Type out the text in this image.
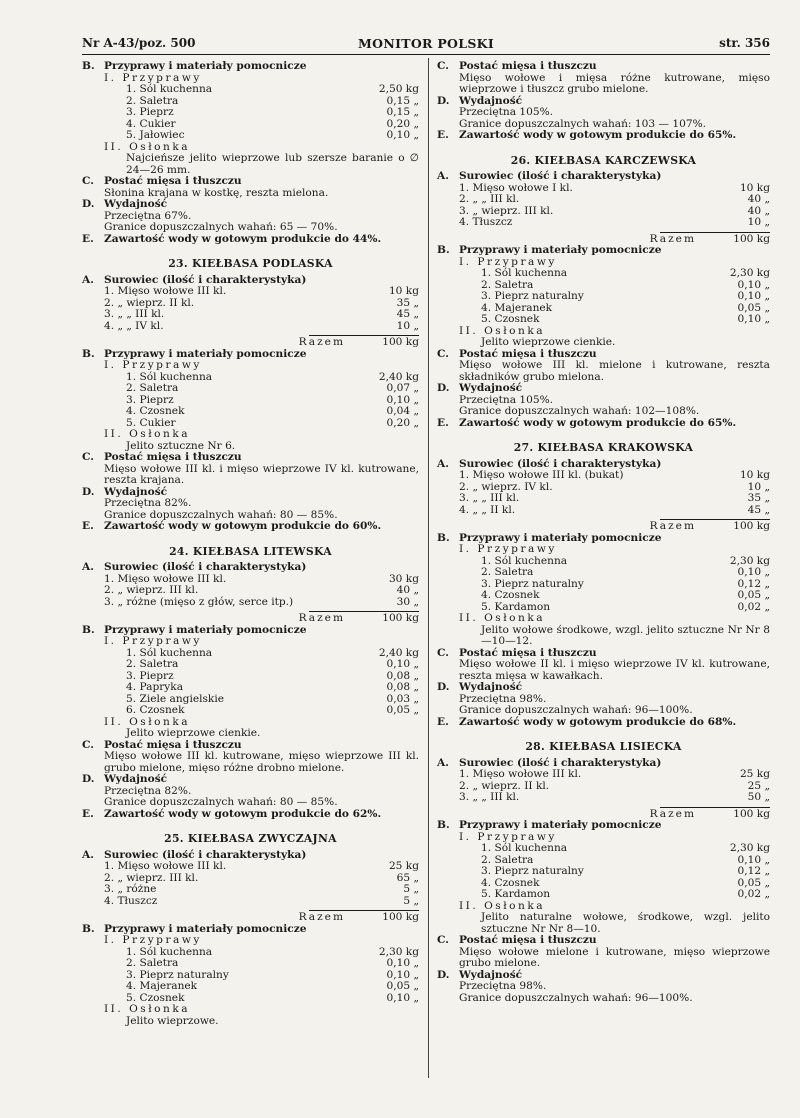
Nr A-43/poz. 500	MONITOR POLSKI	str. 356
B. Przyprawy i materiały pomocnicze
I. Przyprawy
1. Sól kuchenna	2,50 kg
2. Saletra	0,15 „
3. Pieprz	0,15 „
4. Cukier	0,20 „
5. Jałowiec	0,10 „
II. Osłonka
Najcieńsze jelito wieprzowe lub szersze baranie o ∅ 24—26 mm.
C. Postać mięsa i tłuszczu
Słonina krajana w kostkę, reszta mielona.
D. Wydajność
Przeciętna 67%.
Granice dopuszczalnych wahań: 65 — 70%.
E. Zawartość wody w gotowym produkcie do 44%.
23. KIEŁBASA PODLASKA
A. Surowiec (ilość i charakterystyka)
1. Mięso wołowe III kl.	10 kg
2. „ wieprz. II kl.	35 „
3. „ „ III kl.	45 „
4. „ „ IV kl.	10 „
Razem	100 kg
B. Przyprawy i materiały pomocnicze
I. Przyprawy
1. Sól kuchenna	2,40 kg
2. Saletra	0,07 „
3. Pieprz	0,10 „
4. Czosnek	0,04 „
5. Cukier	0,20 „
II. Osłonka
Jelito sztuczne Nr 6.
C. Postać mięsa i tłuszczu
Mięso wołowe III kl. i mięso wieprzowe IV kl. kutrowane, reszta krajana.
D. Wydajność
Przeciętna 82%.
Granice dopuszczalnych wahań: 80 — 85%.
E. Zawartość wody w gotowym produkcie do 60%.
24. KIEŁBASA LITEWSKA
A. Surowiec (ilość i charakterystyka)
1. Mięso wołowe III kl.	30 kg
2. „ wieprz. III kl.	40 „
3. „ różne (mięso z głów, serce itp.)	30 „
Razem	100 kg
B. Przyprawy i materiały pomocnicze
I. Przyprawy
1. Sól kuchenna	2,40 kg
2. Saletra	0,10 „
3. Pieprz	0,08 „
4. Papryka	0,08 „
5. Ziele angielskie	0,03 „
6. Czosnek	0,05 „
II. Osłonka
Jelito wieprzowe cienkie.
C. Postać mięsa i tłuszczu
Mięso wołowe III kl. kutrowane, mięso wieprzowe III kl. grubo mielone, mięso różne drobno mielone.
D. Wydajność
Przeciętna 82%.
Granice dopuszczalnych wahań: 80 — 85%.
E. Zawartość wody w gotowym produkcie do 62%.
25. KIEŁBASA ZWYCZAJNA
A. Surowiec (ilość i charakterystyka)
1. Mięso wołowe III kl.	25 kg
2. „ wieprz. III kl.	65 „
3. „ różne	5 „
4. Tłuszcz	5 „
Razem	100 kg
B. Przyprawy i materiały pomocnicze
I. Przyprawy
1. Sól kuchenna	2,30 kg
2. Saletra	0,10 „
3. Pieprz naturalny	0,10 „
4. Majeranek	0,05 „
5. Czosnek	0,10 „
II. Osłonka
Jelito wieprzowe.
C. Postać mięsa i tłuszczu
Mięso wołowe i mięsa różne kutrowane, mięso wieprzowe i tłuszcz grubo mielone.
D. Wydajność
Przeciętna 105%.
Granice dopuszczalnych wahań: 103 — 107%.
E. Zawartość wody w gotowym produkcie do 65%.
26. KIEŁBASA KARCZEWSKA
A. Surowiec (ilość i charakterystyka)
1. Mięso wołowe I kl.	10 kg
2. „ „ III kl.	40 „
3. „ wieprz. III kl.	40 „
4. Tłuszcz	10 „
Razem	100 kg
B. Przyprawy i materiały pomocnicze
I. Przyprawy
1. Sól kuchenna	2,30 kg
2. Saletra	0,10 „
3. Pieprz naturalny	0,10 „
4. Majeranek	0,05 „
5. Czosnek	0,10 „
II. Osłonka
Jelito wieprzowe cienkie.
C. Postać mięsa i tłuszczu
Mięso wołowe III kl. mielone i kutrowane, reszta składników grubo mielona.
D. Wydajność
Przeciętna 105%.
Granice dopuszczalnych wahań: 102—108%.
E. Zawartość wody w gotowym produkcie do 65%.
27. KIEŁBASA KRAKOWSKA
A. Surowiec (ilość i charakterystyka)
1. Mięso wołowe III kl. (bukat)	10 kg
2. „ wieprz. IV kl.	10 „
3. „ „ III kl.	35 „
4. „ „ II kl.	45 „
Razem	100 kg
B. Przyprawy i materiały pomocnicze
I. Przyprawy
1. Sól kuchenna	2,30 kg
2. Saletra	0,10 „
3. Pieprz naturalny	0,12 „
4. Czosnek	0,05 „
5. Kardamon	0,02 „
II. Osłonka
Jelito wołowe środkowe, wzgl. jelito sztuczne Nr Nr 8—10—12.
C. Postać mięsa i tłuszczu
Mięso wołowe II kl. i mięso wieprzowe IV kl. kutrowane, reszta mięsa w kawałkach.
D. Wydajność
Przeciętna 98%.
Granice dopuszczalnych wahań: 96—100%.
E. Zawartość wody w gotowym produkcie do 68%.
28. KIEŁBASA LISIECKA
A. Surowiec (ilość i charakterystyka)
1. Mięso wołowe III kl.	25 kg
2. „ wieprz. II kl.	25 „
3. „ „ III kl.	50 „
Razem	100 kg
B. Przyprawy i materiały pomocnicze
I. Przyprawy
1. Sól kuchenna	2,30 kg
2. Saletra	0,10 „
3. Pieprz naturalny	0,12 „
4. Czosnek	0,05 „
5. Kardamon	0,02 „
II. Osłonka
Jelito naturalne wołowe, środkowe, wzgl. jelito sztuczne Nr Nr 8—10.
C. Postać mięsa i tłuszczu
Mięso wołowe mielone i kutrowane, mięso wieprzowe grubo mielone.
D. Wydajność
Przeciętna 98%.
Granice dopuszczalnych wahań: 96—100%.
